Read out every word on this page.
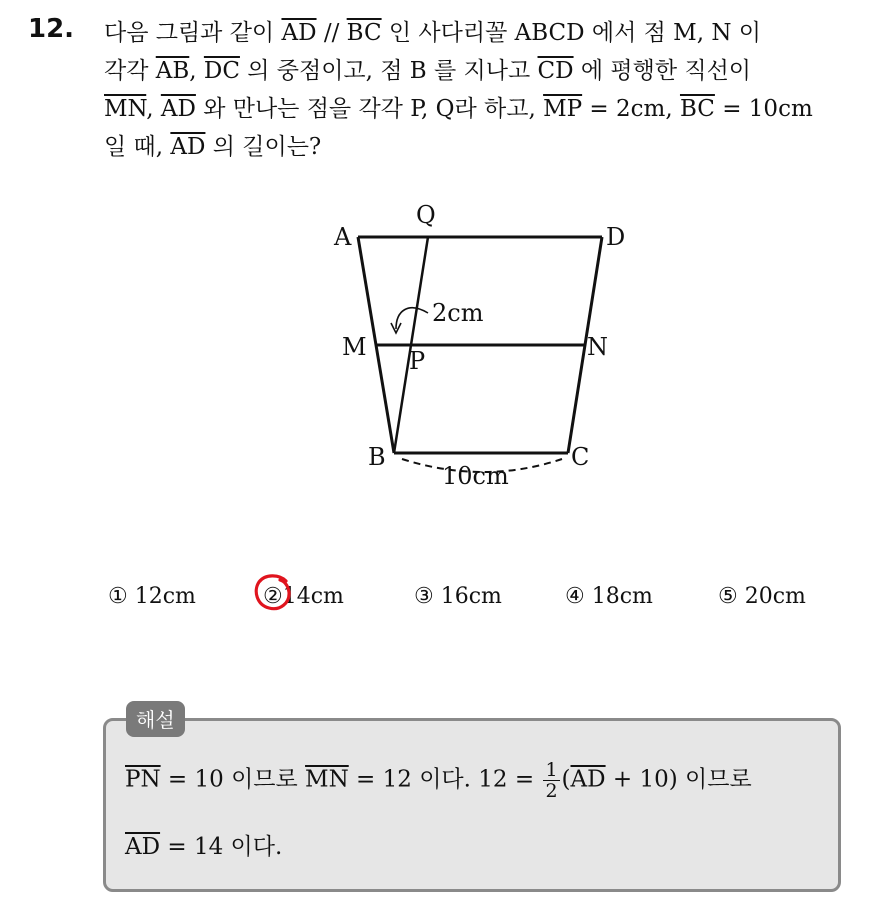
12. 다음 그림과 같이 $\overline{AD} // \overline{BC}$ 인 사다리꼴 ABCD 에서 점 M, N 이
각각 $\overline{AB}$, $\overline{DC}$ 의 중점이고, 점 B 를 지나고 $\overline{CD}$ 에 평행한 직선이
$\overline{MN}$, $\overline{AD}$ 와 만나는 점을 각각 P, Q라 하고, $\overline{MP} = 2cm$, $\overline{BC} = 10cm$
일 때, $\overline{AD}$ 의 길이는?
A
Q
D
M P	N
B	C
2cm
10cm
① 12cm	②14cm	③ 16cm	④ 18cm	⑤ 20cm
해설
$\overline{PN} = 10$ 이므로 $\overline{MN} = 12$ 이다. $12 = \frac{1}{2} (\overline{AD} + 10)$ 이므로
$\overline{AD} = 14$ 이다.
